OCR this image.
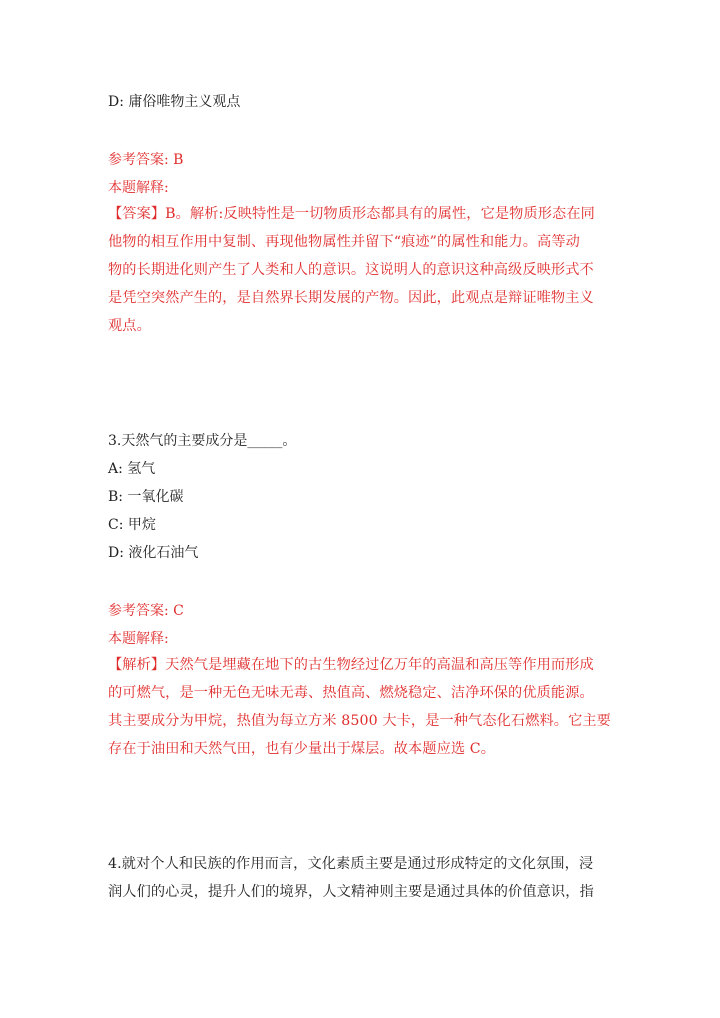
D: 庸俗唯物主义观点
参考答案: B
本题解释:
【答案】B。解析:反映特性是一切物质形态都具有的属性，它是物质形态在同
他物的相互作用中复制、再现他物属性并留下“痕迹”的属性和能力。高等动
物的长期进化则产生了人类和人的意识。这说明人的意识这种高级反映形式不
是凭空突然产生的，是自然界长期发展的产物。因此，此观点是辩证唯物主义
观点。
3.天然气的主要成分是_____。
A: 氢气
B: 一氧化碳
C: 甲烷
D: 液化石油气
参考答案: C
本题解释:
【解析】天然气是埋藏在地下的古生物经过亿万年的高温和高压等作用而形成
的可燃气，是一种无色无味无毒、热值高、燃烧稳定、洁净环保的优质能源。
其主要成分为甲烷，热值为每立方米 8500 大卡，是一种气态化石燃料。它主要
存在于油田和天然气田，也有少量出于煤层。故本题应选 C。
4.就对个人和民族的作用而言，文化素质主要是通过形成特定的文化氛围，浸
润人们的心灵，提升人们的境界，人文精神则主要是通过具体的价值意识，指
